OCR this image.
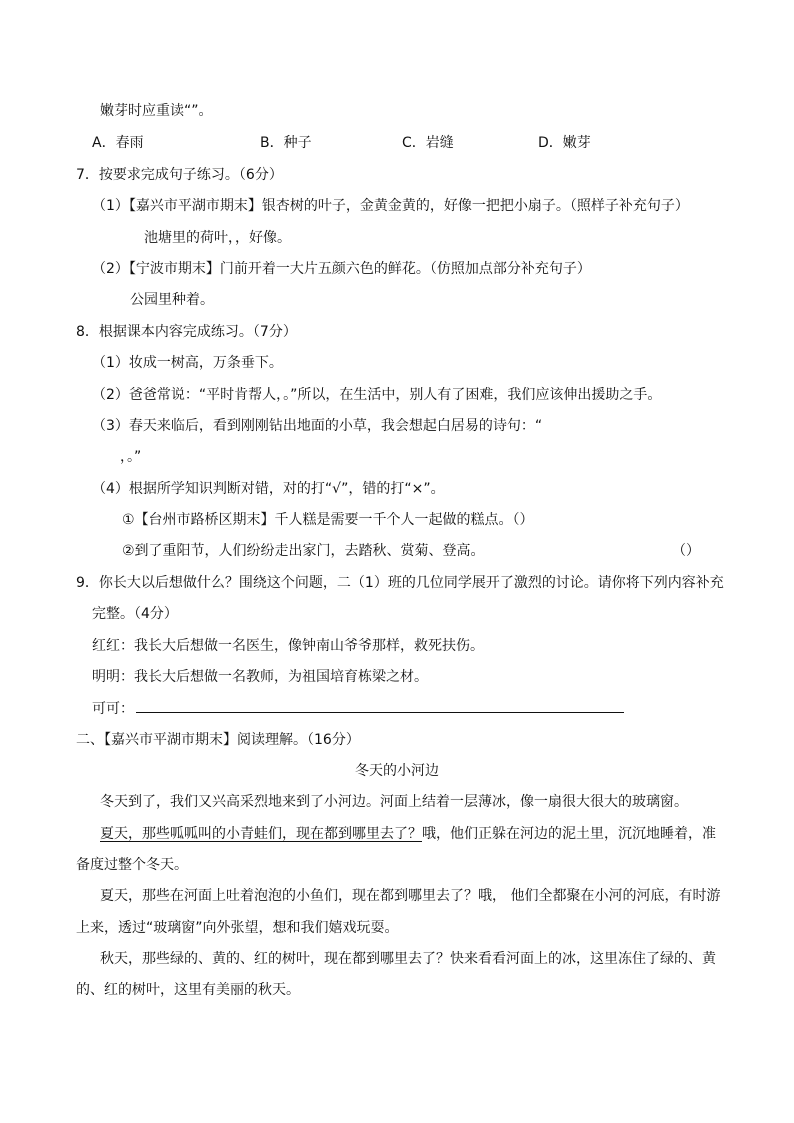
嫩芽时应重读“”。
A．春雨	B．种子	C．岩缝	D．嫩芽
7．按要求完成句子练习。（6分）
（1）【嘉兴市平湖市期末】银杏树的叶子，金黄金黄的，好像一把把小扇子。（照样子补充句子）
池塘里的荷叶，，好像。
（2）【宁波市期末】门前开着一大片五颜六色的鲜花。（仿照加点部分补充句子）
公园里种着。
8．根据课本内容完成练习。（7分）
（1）妆成一树高，万条垂下。
（2）爸爸常说：“平时肯帮人，。”所以，在生活中，别人有了困难，我们应该伸出援助之手。
（3）春天来临后，看到刚刚钻出地面的小草，我会想起白居易的诗句：“
，。”
（4）根据所学知识判断对错，对的打“√”，错的打“×”。
①【台州市路桥区期末】千人糕是需要一千个人一起做的糕点。（）
②到了重阳节，人们纷纷走出家门，去踏秋、赏菊、登高。	（）
9．你长大以后想做什么？围绕这个问题，二（1）班的几位同学展开了激烈的讨论。请你将下列内容补充
完整。（4分）
红红：我长大后想做一名医生，像钟南山爷爷那样，救死扶伤。
明明：我长大后想做一名教师，为祖国培育栋梁之材。
可可：
二、【嘉兴市平湖市期末】阅读理解。（16分）
冬天的小河边
冬天到了，我们又兴高采烈地来到了小河边。河面上结着一层薄冰，像一扇很大很大的玻璃窗。
夏天，那些呱呱叫的小青蛙们，现在都到哪里去了？哦，他们正躲在河边的泥土里，沉沉地睡着，准
备度过整个冬天。
夏天，那些在河面上吐着泡泡的小鱼们，现在都到哪里去了？哦， 他们全都聚在小河的河底，有时游
上来，透过“玻璃窗”向外张望，想和我们嬉戏玩耍。
秋天，那些绿的、黄的、红的树叶，现在都到哪里去了？快来看看河面上的冰，这里冻住了绿的、黄
的、红的树叶，这里有美丽的秋天。
